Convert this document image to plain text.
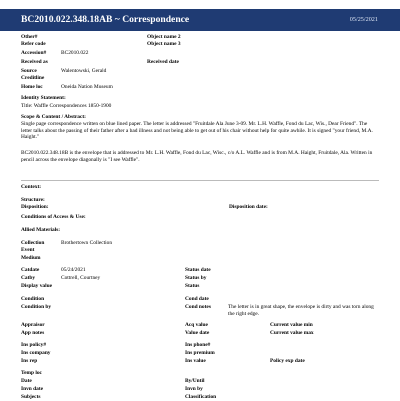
BC2010.022.348.18AB ~ Correspondence	05/25/2021
Other#	Object name 2
Refer code	Object name 3
Accession#	BC2010.022
Received as	Received date
Source	Walentowski, Gerald
Creditline
Home loc	Oneida Nation Museum
Identity Statement:
Title: Waffle Correspondences 1850-1900
Scope & Content / Abstract:
Single page correspondence written on blue lined paper. The letter is addressed "Fruitdale Ala June 3-09. Mr. L.H. Waffle, Fond du Lac, Wis., Dear Friend". The letter talks about the passing of their father after a bad illness and not being able to get out of his chair without help for quite awhile. It is signed "your friend, M.A. Haight."
BC2010.022.348.18B is the envelope that is addressed to Mr. L.H. Waffle, Fond du Lac, Wisc., c/o A.L. Waffle and is from M.A. Haight, Fruitdale, Ala. Written in pencil across the envelope diagonally is "I see Waffle".
Context:
Structure:
Disposition:	Disposition date:
Conditions of Access & Use:
Allied Materials:
Collection	Brothertown Collection
Event
Medium
Catdate	05/24/2021	Status date
Catby	Cottrell, Courtney	Status by
Display value	Status
Condition	Cond date
Condition by	Cond notes	The letter is in great shape, the envelope is dirty and was torn along the right edge.
Appraisor	Acq value	Current value min
App notes	Value date	Current value max
Ins policy#	Ins phone#
Ins company	Ins premium
Ins rep	Ins value	Policy exp date
Temp loc
Date	By/Until
Invn date	Invn by
Subjects	Classification
